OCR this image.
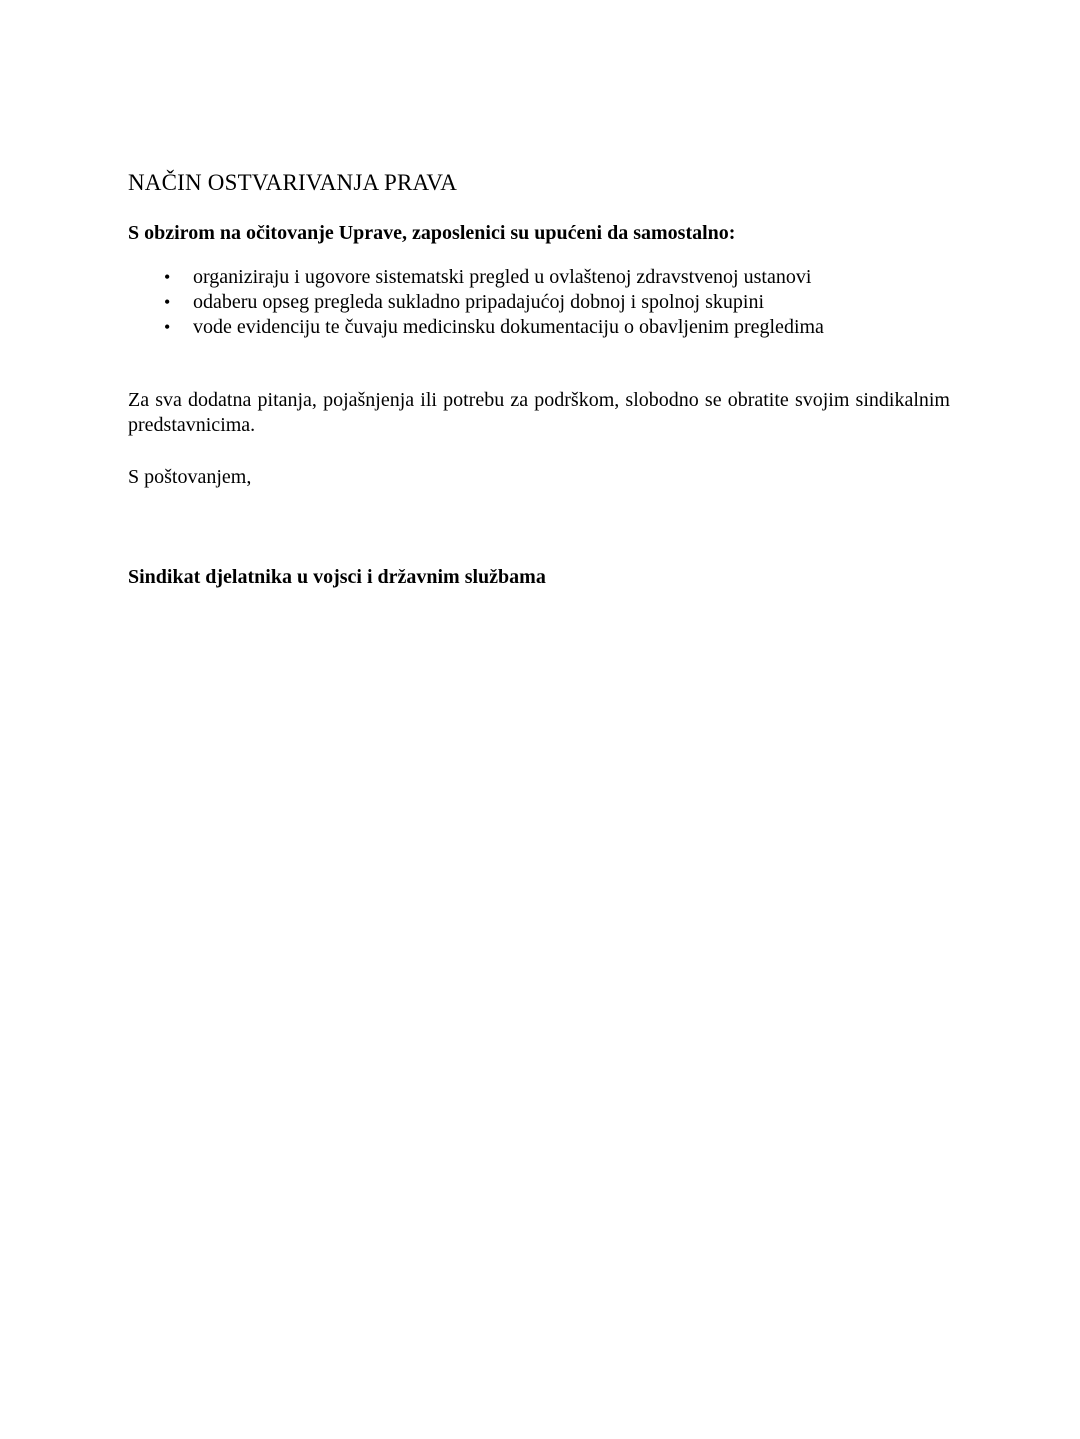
NAČIN OSTVARIVANJA PRAVA

S obzirom na očitovanje Uprave, zaposlenici su upućeni da samostalno:

• organiziraju i ugovore sistematski pregled u ovlaštenoj zdravstvenoj ustanovi
• odaberu opseg pregleda sukladno pripadajućoj dobnoj i spolnoj skupini
• vode evidenciju te čuvaju medicinsku dokumentaciju o obavljenim pregledima

Za sva dodatna pitanja, pojašnjenja ili potrebu za podrškom, slobodno se obratite svojim sindikalnim predstavnicima.

S poštovanjem,

Sindikat djelatnika u vojsci i državnim službama
